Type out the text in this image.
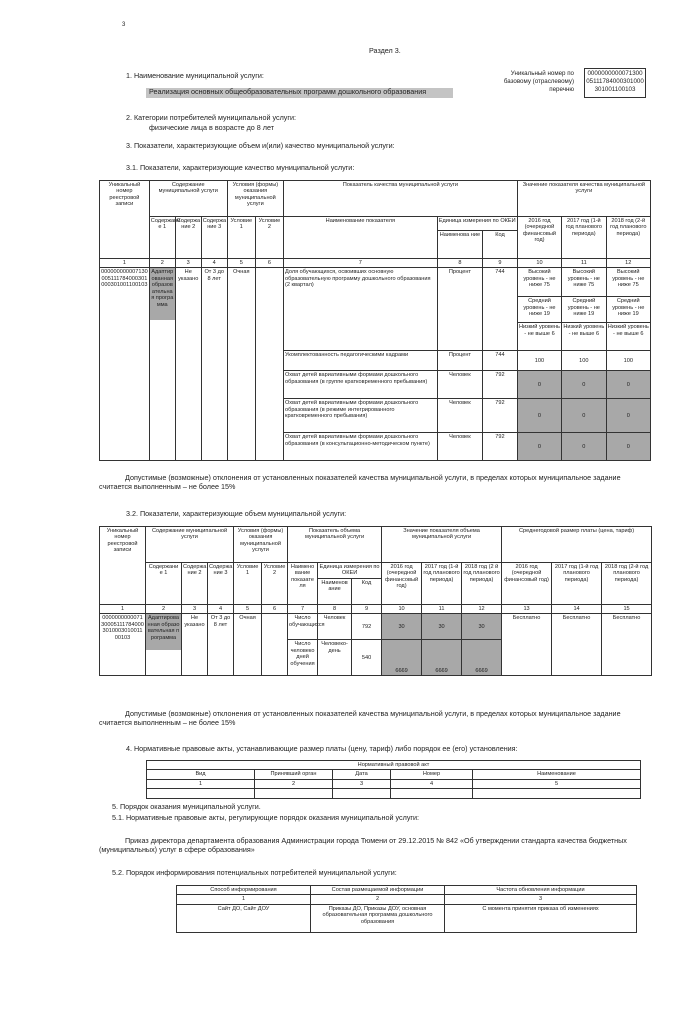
3
Раздел 3.
1. Наименование муниципальной услуги:
Реализация основных общеобразовательных программ дошкольного образования
Уникальный номер по базовому (отраслевому) перечню
000000000007130005111784000301000301001100103
2. Категории потребителей муниципальной услуги:
физические лица в возрасте до 8 лет
3. Показатели, характеризующие объем и(или) качество муниципальной услуги:
3.1. Показатели, характеризующие качество муниципальной услуги:
Уникальный номер реестровой записи	Содержание муниципальной услуги			Условия (формы) оказания муниципальной услуги		Показатель качества муниципальной услуги			Значение показателя качества муниципальной услуги		
	Содержани е 1	Содержа ние 2	Содержа ние 3	Условие 1	Условие 2	Наименование показателя	Единица измерения по ОКЕИ		2016 год (очередной финансовый год)	2017 год (1-й год планового периода)	2018 год (2-й год планового периода)
							Наименова ние	Код			
1	2	3	4	5	6	7	8	9	10	11	12
000000000007130005111784000301000301001100103	Адаптированная образовательная программа	Не указано	От 3 до 8 лет	Очная		Доля обучающихся, освоивших основную образовательную программу дошкольного образования (2 квартал)	Процент	744	Высокий уровень - не ниже 75	Высокий уровень - не ниже 75	Высокий уровень - не ниже 75
									Средний уровень - не ниже 19	Средний уровень - не ниже 19	Средний уровень - не ниже 19
									Низкий уровень - не выше 6	Низкий уровень - не выше 6	Низкий уровень - не выше 6
						Укомплектованность педагогическими кадрами	Процент	744	100	100	100
						Охват детей вариативными формами дошкольного образования (в группе кратковременного пребывания)	Человек	792	0	0	0
						Охват детей вариативными формами дошкольного образования (в режиме интегрированного кратковременного пребывания)	Человек	792	0	0	0
						Охват детей вариативными формами дошкольного образования (в консультационно-методическом пункте)	Человек	792	0	0	0
Допустимые (возможные) отклонения от установленных показателей качества муниципальной услуги, в пределах которых муниципальное задание считается выполненным – не более 15%
3.2. Показатели, характеризующие объем муниципальной услуги:
Уникальный номер реестровой записи	Содержание муниципальной услуги			Условия (формы) оказания муниципальной услуги		Показатель объема муниципальной услуги			Значение показателя объема муниципальной услуги			Среднегодовой размер платы (цена, тариф)		
	Содержани е 1	Содержа ние 2	Содержа ние 3	Условие 1	Условие 2	Наимено вание показате ля	Единица измерения по ОКЕИ		2016 год (очередной финансовый год)	2017 год (1-й год планового периода)	2018 год (2 й год планового периода)	2016 год (очередной финансовый год)	2017 год (1-й год планового периода)	2018 год (2-й год планового периода)
							Наименов ание	Код						
1	2	3	4	5	6	7	8	9	10	11	12	13	14	15
000000000007130005111784000301000301001100103	Адаптированная образовательная программа	Не указано	От 3 до 8 лет	Очная		Число обучающихся	Человек	792	30	30	30	Бесплатно	Бесплатно	Бесплатно
						Число человеко дней обучения	Человеко-день	540	6669	6669	6669			
Допустимые (возможные) отклонения от установленных показателей качества муниципальной услуги, в пределах которых муниципальное задание считается выполненным – не более 15%
4. Нормативные правовые акты, устанавливающие размер платы (цену, тариф) либо порядок ее (его) установления:
Нормативный правовой акт				
Вид	Принявший орган	Дата	Номер	Наименование
1	2	3	4	5

5. Порядок оказания муниципальной услуги.
5.1. Нормативные правовые акты, регулирующие порядок оказания муниципальной услуги:
Приказ директора департамента образования Администрации города Тюмени от 29.12.2015 № 842 «Об утверждении стандарта качества бюджетных (муниципальных) услуг в сфере образования»
5.2. Порядок информирования потенциальных потребителей муниципальной услуги:
Способ информирования	Состав размещаемой информации	Частота обновления информации
1	2	3
Сайт ДО, Сайт ДОУ	Приказы ДО, Приказы ДОУ, основная образовательная программа дошкольного образования	С момента принятия приказа об изменениях
